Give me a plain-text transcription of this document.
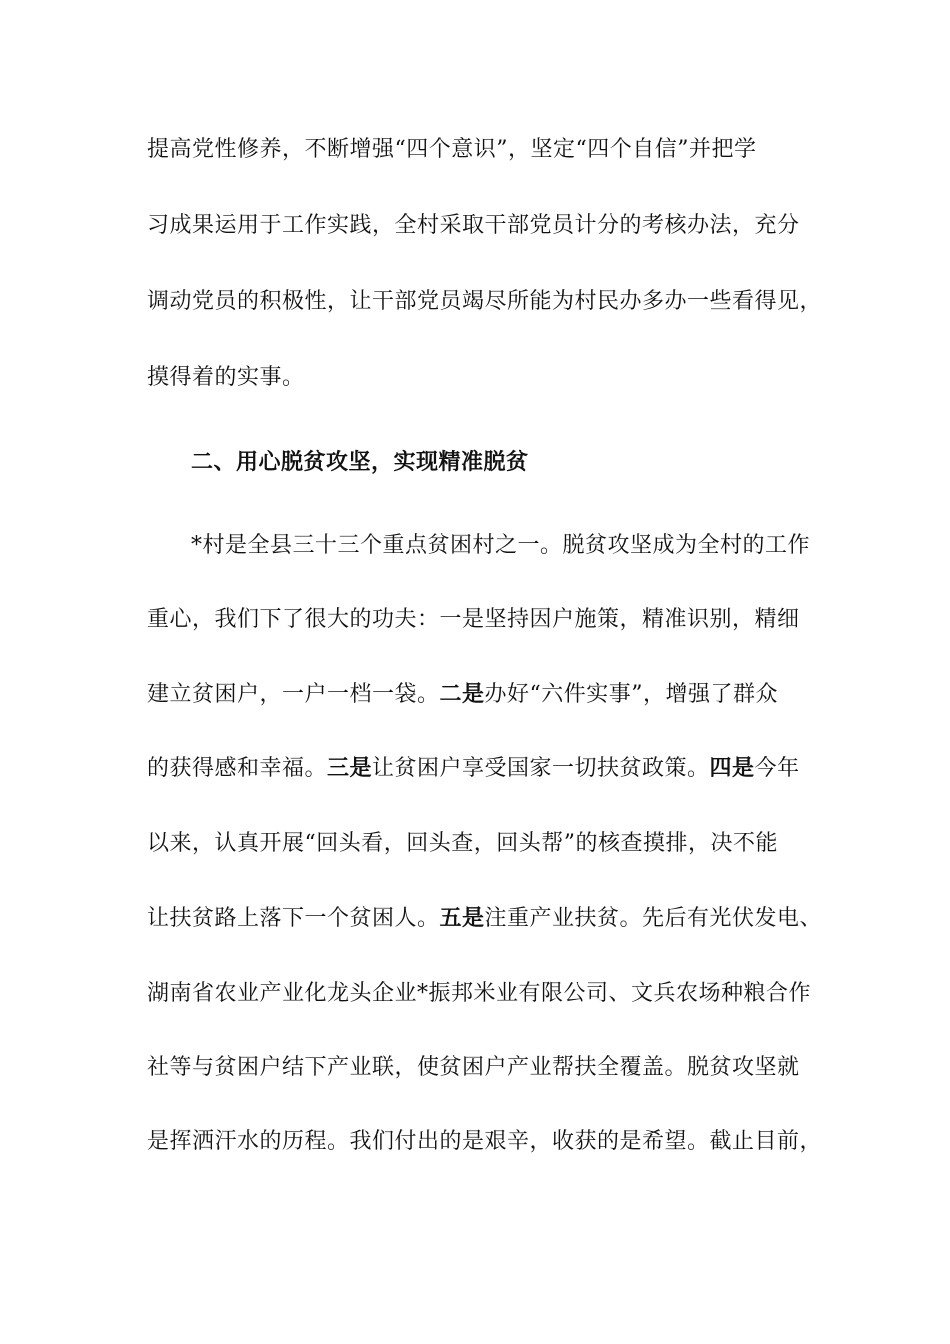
提高党性修养，不断增强“四个意识”，坚定“四个自信”并把学
习成果运用于工作实践，全村采取干部党员计分的考核办法，充分
调动党员的积极性，让干部党员竭尽所能为村民办多办一些看得见，
摸得着的实事。
二、用心脱贫攻坚，实现精准脱贫
*村是全县三十三个重点贫困村之一。脱贫攻坚成为全村的工作
重心，我们下了很大的功夫：一是坚持因户施策，精准识别，精细
建立贫困户，一户一档一袋。二是办好“六件实事”，增强了群众
的获得感和幸福。三是让贫困户享受国家一切扶贫政策。四是今年
以来，认真开展“回头看，回头查，回头帮”的核查摸排，决不能
让扶贫路上落下一个贫困人。五是注重产业扶贫。先后有光伏发电、
湖南省农业产业化龙头企业*振邦米业有限公司、文兵农场种粮合作
社等与贫困户结下产业联，使贫困户产业帮扶全覆盖。脱贫攻坚就
是挥洒汗水的历程。我们付出的是艰辛，收获的是希望。截止目前，
